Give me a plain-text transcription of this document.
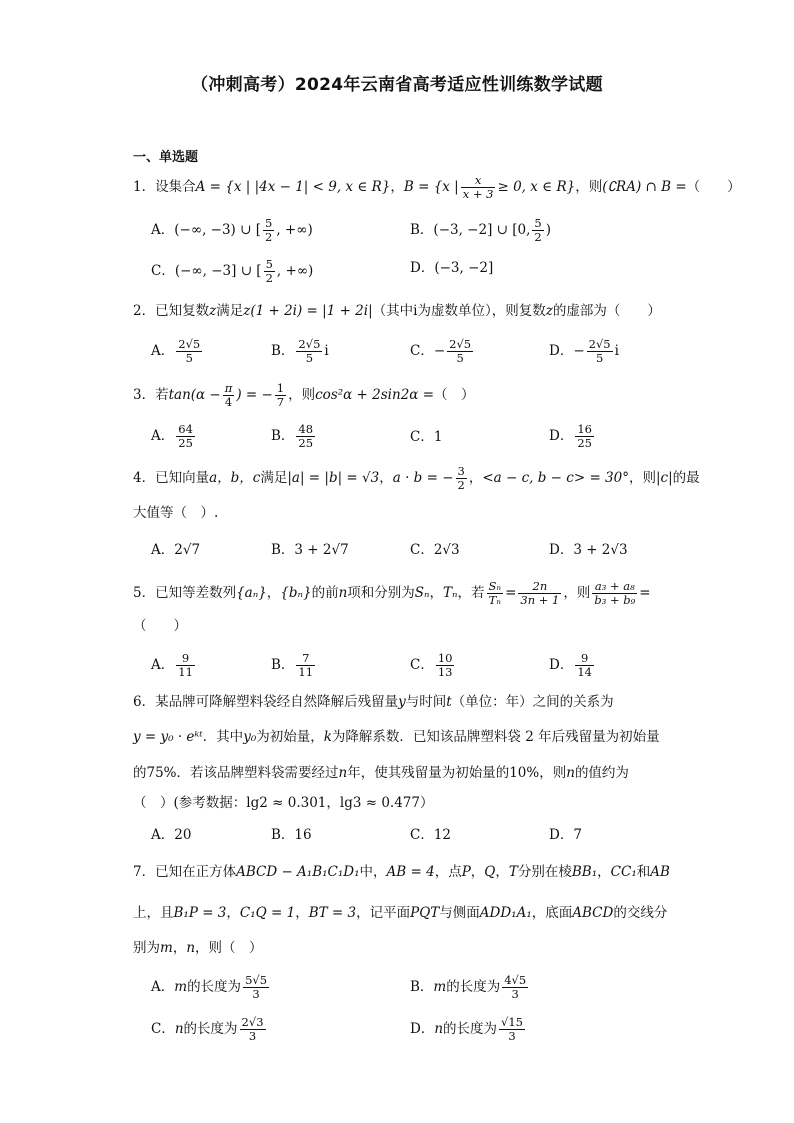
（冲刺高考）2024年云南省高考适应性训练数学试题
一、单选题
1．设集合A = {x | |4x − 1| < 9, x ∈ R}，B = {x | $\frac{x}{x + 3} \ge 0$, x ∈ R}，则(∁RA) ∩ B =（　　）
A．(−∞, −3) ∪ [ $\frac{5}{2}$ , +∞)	B．(−3, −2] ∪ [0, $\frac{5}{2}$ )
C．(−∞, −3] ∪ [ $\frac{5}{2}$ , +∞)	D．(−3, −2]
2．已知复数z满足z(1 + 2i) = |1 + 2i|（其中i为虚数单位），则复数z的虚部为（　　）
A． $\frac{2√5}{5}$	B． $\frac{2√5}{5}$ i	C．− $\frac{2√5}{5}$	D．− $\frac{2√5}{5}$ i
3．若$\tan(\alpha - \frac{\pi}{4}$ ) = − $\frac{1}{7}$ ，则cos²α + 2sin2α =（　）
A． $\frac{64}{25}$	B． $\frac{48}{25}$	C．1	D． $\frac{16}{25}$
4．已知向量a，b，c满足|a| = |b| = √3，a · b = − $\frac{3}{2}$ ，<a − c, b − c> = 30°，则|c|的最
大值等（　）.
A．2√7	B．3 + 2√7	C．2√3	D．3 + 2√3
5．已知等差数列{aₙ}，{bₙ}的前n项和分别为Sₙ，Tₙ，若 $\frac{\text{Sₙ}}{\text{Tₙ}} = \frac{2n}{3n + 1}$ ，则 $\frac{\text{a₃ + a₈}}{\text{b₃ + b₉}}$ =
（　　）
A． $\frac{9}{11}$	B． $\frac{7}{11}$	C． $\frac{10}{13}$	D． $\frac{9}{14}$
6．某品牌可降解塑料袋经自然降解后残留量y与时间t（单位：年）之间的关系为
y = y₀ · eᵏᵗ．其中y₀为初始量，k为降解系数．已知该品牌塑料袋 2 年后残留量为初始量
的75%．若该品牌塑料袋需要经过n年，使其残留量为初始量的10%，则n的值约为
（　）(参考数据：lg2 ≈ 0.301，lg3 ≈ 0.477）
A．20	B．16	C．12	D．7
7．已知在正方体ABCD − A₁B₁C₁D₁中，AB = 4，点P，Q，T分别在棱BB₁，CC₁和AB
上，且B₁P = 3，C₁Q = 1，BT = 3，记平面PQT与侧面ADD₁A₁，底面ABCD的交线分
别为m，n，则（　）
A．m的长度为 $\frac{5√5}{3}$	B．m的长度为 $\frac{4√5}{3}$
C．n的长度为 $\frac{2√3}{3}$	D．n的长度为 $\frac{√15}{3}$
